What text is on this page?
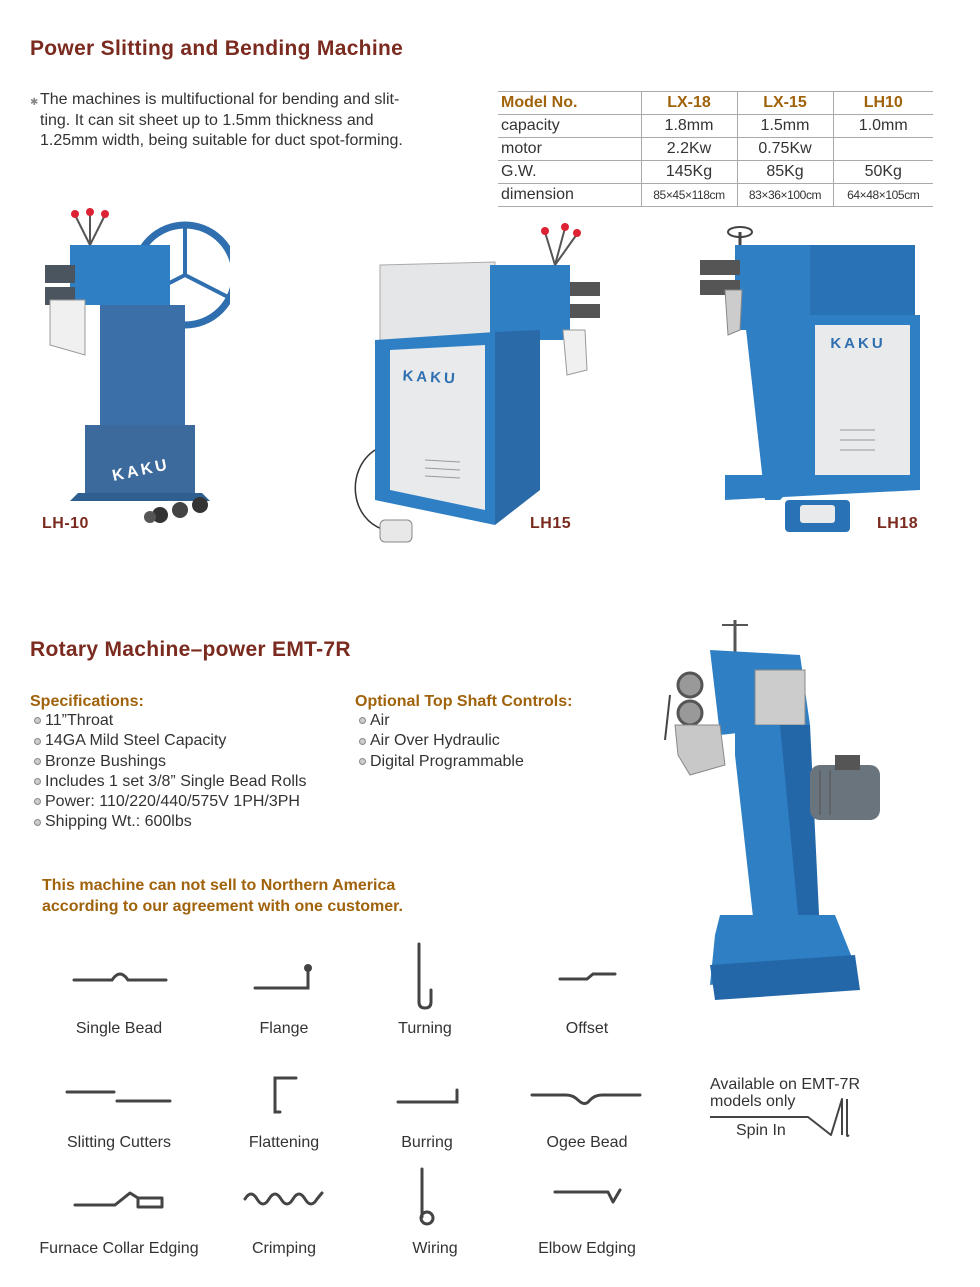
Power Slitting and Bending Machine
✱ The machines is multifuctional for bending and slit-
ting. It can sit sheet up to 1.5mm thickness and
1.25mm width, being suitable for duct spot-forming.
Model No.	LX-18	LX-15	LH10
capacity	1.8mm	1.5mm	1.0mm
motor	2.2Kw	0.75Kw	
G.W.	145Kg	85Kg	50Kg
dimension	85×45×118cm	83×36×100cm	64×48×105cm
KAKU
LH-10
KAKU
LH15
KAKU
LH18
Rotary Machine–power EMT-7R
Specifications:
11”Throat
14GA Mild Steel Capacity
Bronze Bushings
Includes 1 set 3/8” Single Bead Rolls
Power: 110/220/440/575V 1PH/3PH
Shipping Wt.: 600lbs
Optional Top Shaft Controls:
Air
Air Over Hydraulic
Digital Programmable
This machine can not sell to Northern America
according to our agreement with one customer.
Single Bead	Flange	Turning	Offset
Slitting Cutters	Flattening	Burring	Ogee Bead
Furnace Collar Edging	Crimping	Wiring	Elbow Edging
Available on EMT-7R
models only
Spin In
